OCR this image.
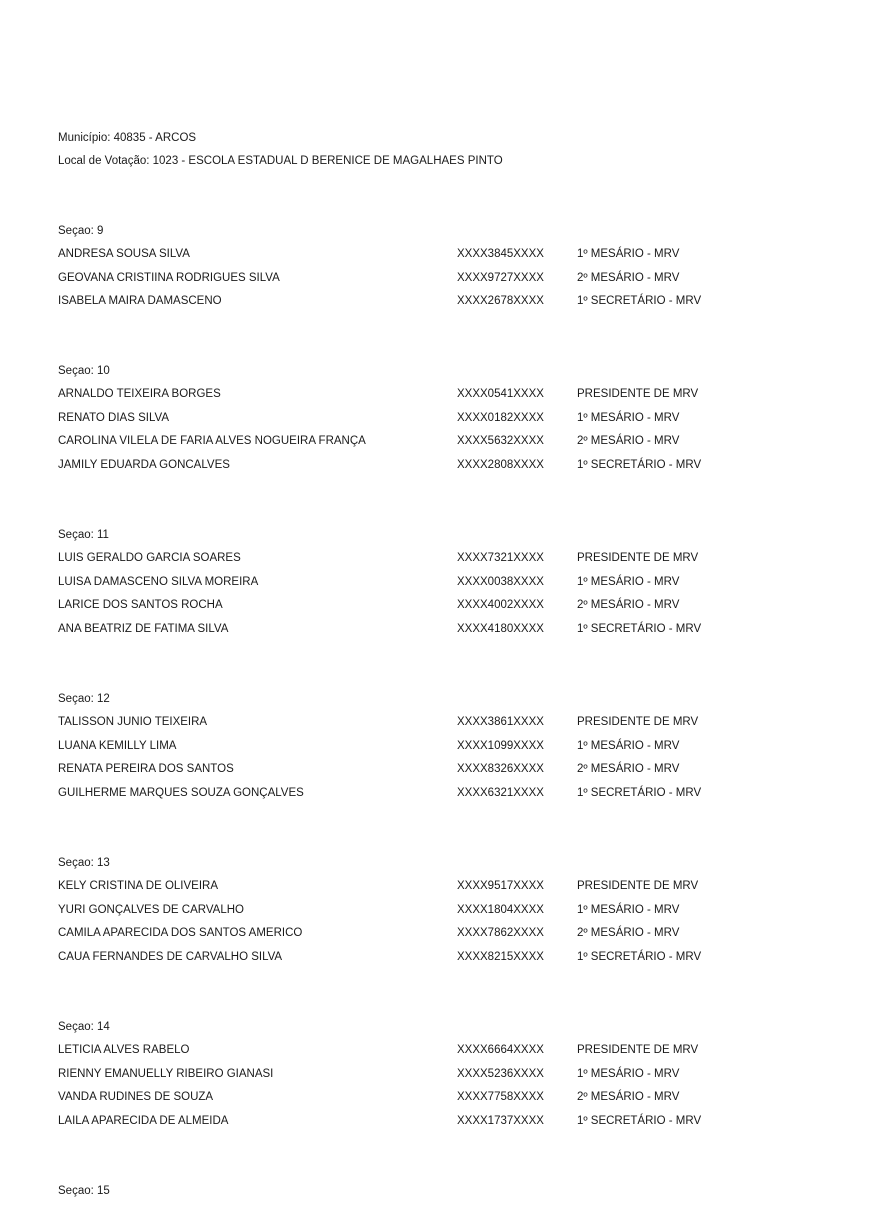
Município: 40835 - ARCOS
Local de Votação: 1023 - ESCOLA ESTADUAL D BERENICE DE MAGALHAES PINTO
Seçao: 9
ANDRESA SOUSA SILVA	XXXX3845XXXX	1º MESÁRIO - MRV
GEOVANA CRISTIINA RODRIGUES SILVA	XXXX9727XXXX	2º MESÁRIO - MRV
ISABELA MAIRA DAMASCENO	XXXX2678XXXX	1º SECRETÁRIO - MRV
Seçao: 10
ARNALDO TEIXEIRA BORGES	XXXX0541XXXX	PRESIDENTE DE MRV
RENATO DIAS SILVA	XXXX0182XXXX	1º MESÁRIO - MRV
CAROLINA VILELA DE FARIA ALVES NOGUEIRA FRANÇA	XXXX5632XXXX	2º MESÁRIO - MRV
JAMILY EDUARDA GONCALVES	XXXX2808XXXX	1º SECRETÁRIO - MRV
Seçao: 11
LUIS GERALDO GARCIA SOARES	XXXX7321XXXX	PRESIDENTE DE MRV
LUISA DAMASCENO SILVA MOREIRA	XXXX0038XXXX	1º MESÁRIO - MRV
LARICE DOS SANTOS ROCHA	XXXX4002XXXX	2º MESÁRIO - MRV
ANA BEATRIZ DE FATIMA SILVA	XXXX4180XXXX	1º SECRETÁRIO - MRV
Seçao: 12
TALISSON JUNIO TEIXEIRA	XXXX3861XXXX	PRESIDENTE DE MRV
LUANA KEMILLY LIMA	XXXX1099XXXX	1º MESÁRIO - MRV
RENATA PEREIRA DOS SANTOS	XXXX8326XXXX	2º MESÁRIO - MRV
GUILHERME MARQUES SOUZA GONÇALVES	XXXX6321XXXX	1º SECRETÁRIO - MRV
Seçao: 13
KELY CRISTINA DE OLIVEIRA	XXXX9517XXXX	PRESIDENTE DE MRV
YURI GONÇALVES DE CARVALHO	XXXX1804XXXX	1º MESÁRIO - MRV
CAMILA APARECIDA DOS SANTOS AMERICO	XXXX7862XXXX	2º MESÁRIO - MRV
CAUA FERNANDES DE CARVALHO SILVA	XXXX8215XXXX	1º SECRETÁRIO - MRV
Seçao: 14
LETICIA ALVES RABELO	XXXX6664XXXX	PRESIDENTE DE MRV
RIENNY EMANUELLY RIBEIRO GIANASI	XXXX5236XXXX	1º MESÁRIO - MRV
VANDA RUDINES DE SOUZA	XXXX7758XXXX	2º MESÁRIO - MRV
LAILA APARECIDA DE ALMEIDA	XXXX1737XXXX	1º SECRETÁRIO - MRV
Seçao: 15
